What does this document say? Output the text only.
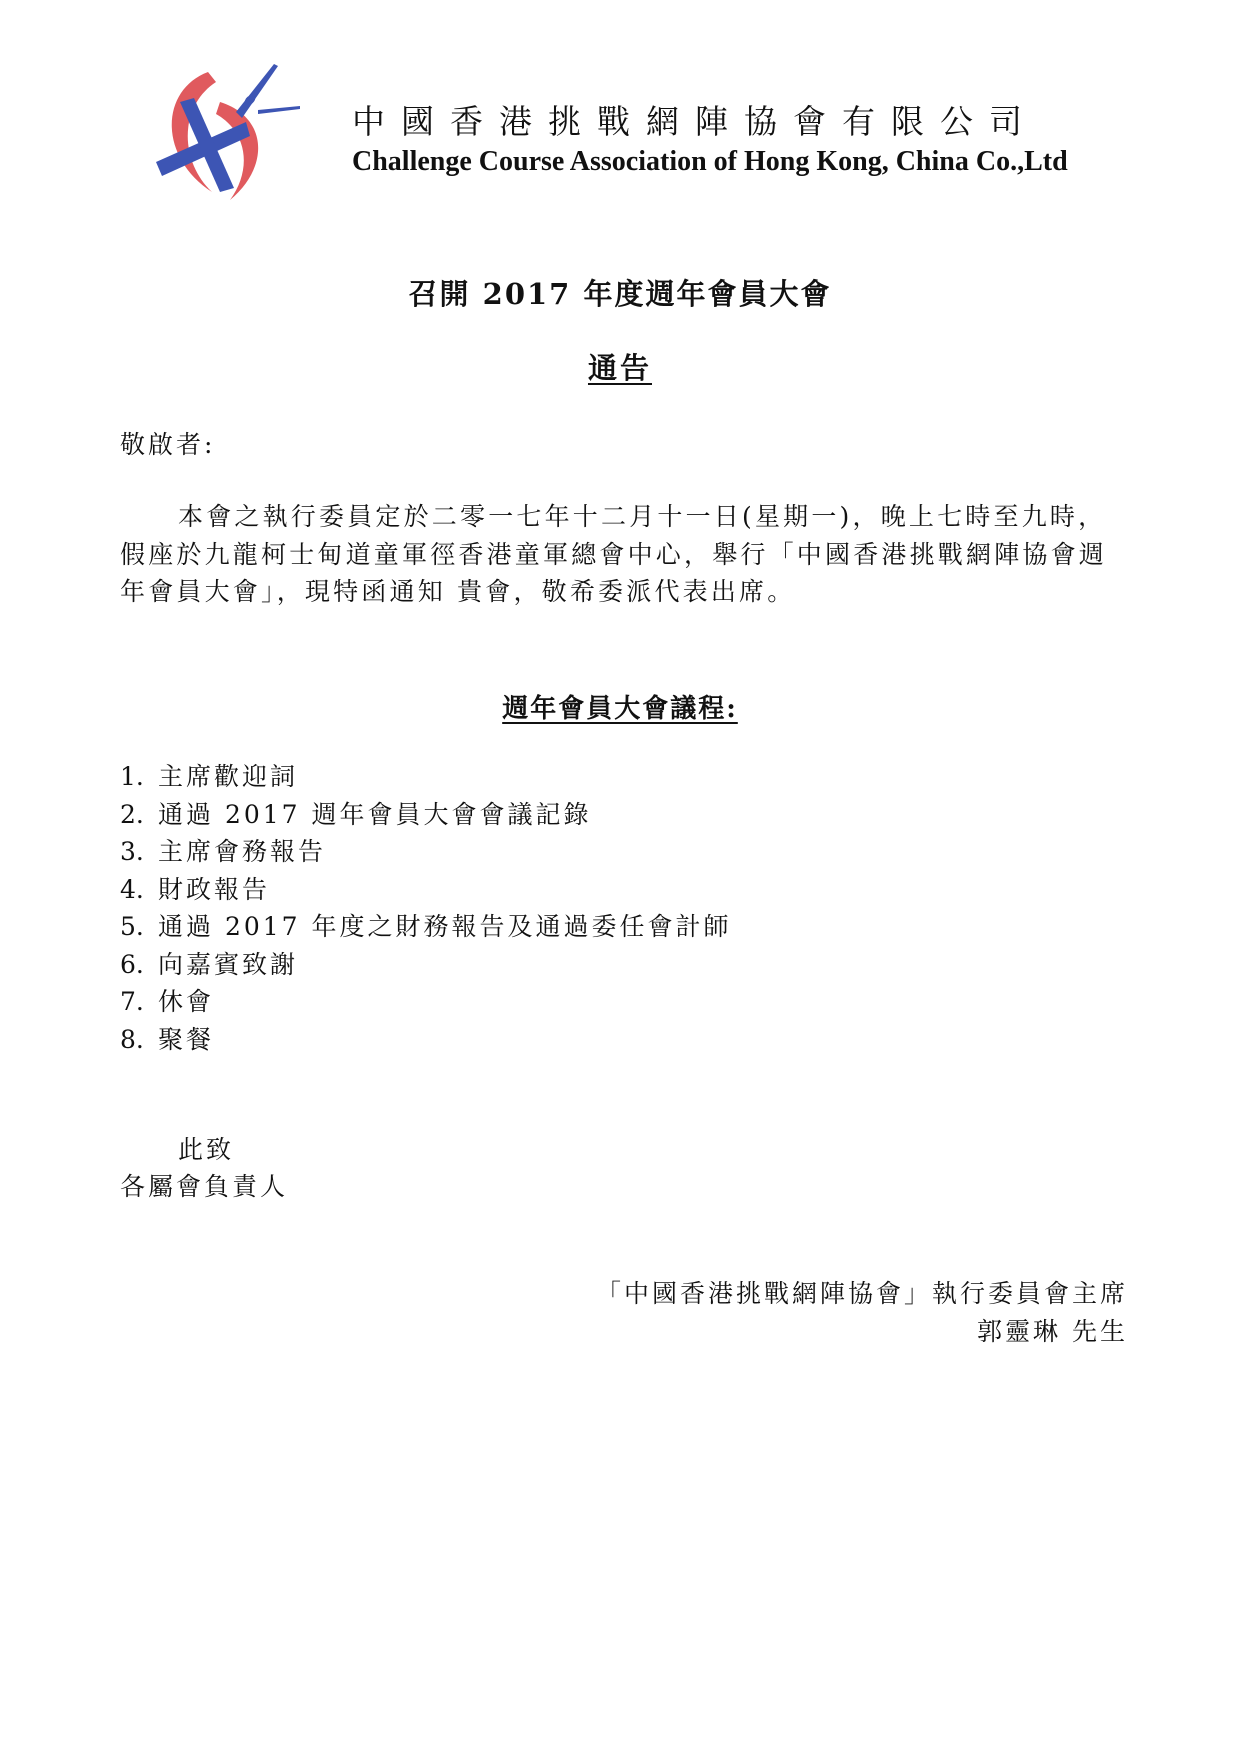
中國香港挑戰網陣協會有限公司
Challenge Course Association of Hong Kong, China Co.,Ltd
召開 2017 年度週年會員大會
通告
敬啟者:
本會之執行委員定於二零一七年十二月十一日(星期一)，晚上七時至九時，
假座於九龍柯士甸道童軍徑香港童軍總會中心，舉行「中國香港挑戰網陣協會週
年會員大會」，現特函通知 貴會，敬希委派代表出席。
週年會員大會議程:
1. 主席歡迎詞
2. 通過 2017 週年會員大會會議記錄
3. 主席會務報告
4. 財政報告
5. 通過 2017 年度之財務報告及通過委任會計師
6. 向嘉賓致謝
7. 休會
8. 聚餐
此致
各屬會負責人
「中國香港挑戰網陣協會」執行委員會主席
郭靈琳 先生
